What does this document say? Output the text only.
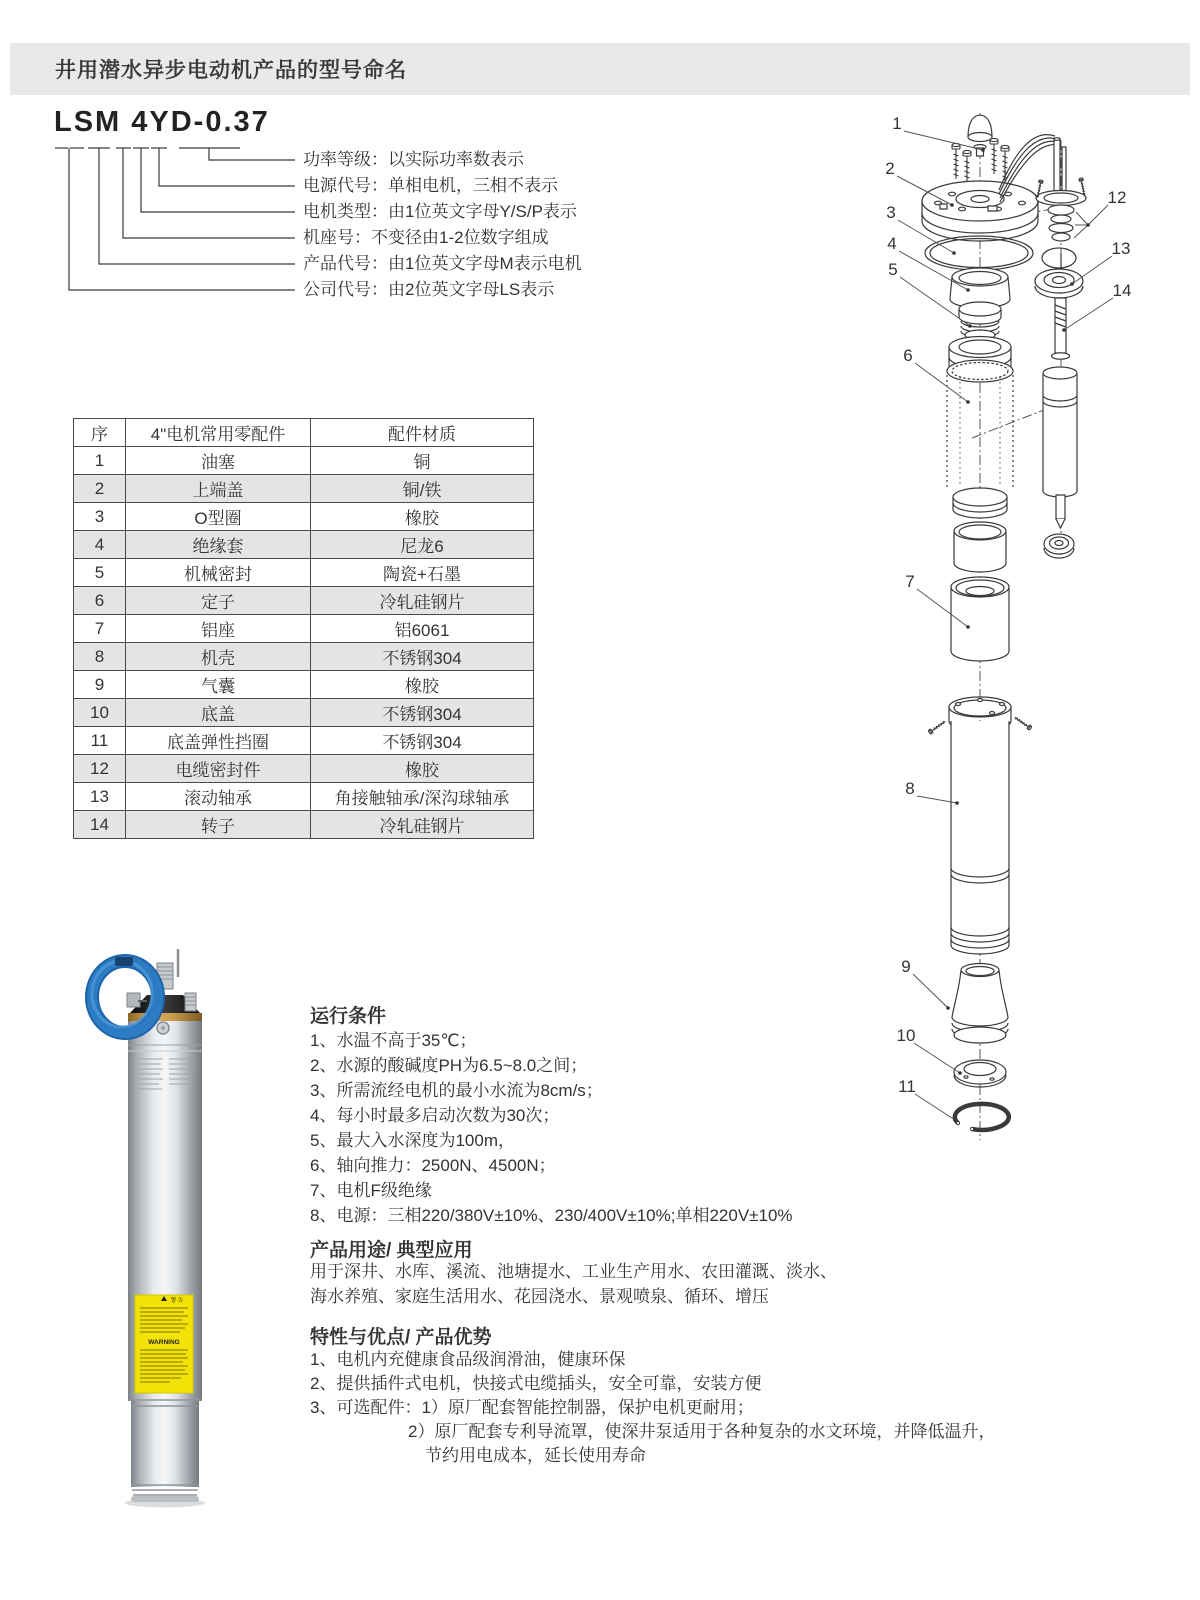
井用潜水异步电动机产品的型号命名
LSM 4YD-0.37
功率等级：以实际功率数表示
电源代号：单相电机，三相不表示
电机类型：由1位英文字母Y/S/P表示
机座号：不变径由1-2位数字组成
产品代号：由1位英文字母M表示电机
公司代号：由2位英文字母LS表示
序	4"电机常用零配件	配件材质
1	油塞	铜
2	上端盖	铜/铁
3	O型圈	橡胶
4	绝缘套	尼龙6
5	机械密封	陶瓷+石墨
6	定子	冷轧硅钢片
7	铝座	铝6061
8	机壳	不锈钢304
9	气囊	橡胶
10	底盖	不锈钢304
11	底盖弹性挡圈	不锈钢304
12	电缆密封件	橡胶
13	滚动轴承	角接触轴承/深沟球轴承
14	转子	冷轧硅钢片
1
2
3
4
5
6
7
8
9
10
11
12
13
14
警 告
WARNING
运行条件
1、水温不高于35℃；
2、水源的酸碱度PH为6.5~8.0之间；
3、所需流经电机的最小水流为8cm/s；
4、每小时最多启动次数为30次；
5、最大入水深度为100m，
6、轴向推力：2500N、4500N；
7、电机F级绝缘
8、电源：三相220/380V±10%、230/400V±10%;单相220V±10%
产品用途/ 典型应用
用于深井、水库、溪流、池塘提水、工业生产用水、农田灌溉、淡水、
海水养殖、家庭生活用水、花园浇水、景观喷泉、循环、增压
特性与优点/ 产品优势
1、电机内充健康食品级润滑油，健康环保
2、提供插件式电机，快接式电缆插头，安全可靠，安装方便
3、可选配件：1）原厂配套智能控制器，保护电机更耐用；
2）原厂配套专利导流罩，使深井泵适用于各种复杂的水文环境，并降低温升，
节约用电成本，延长使用寿命
